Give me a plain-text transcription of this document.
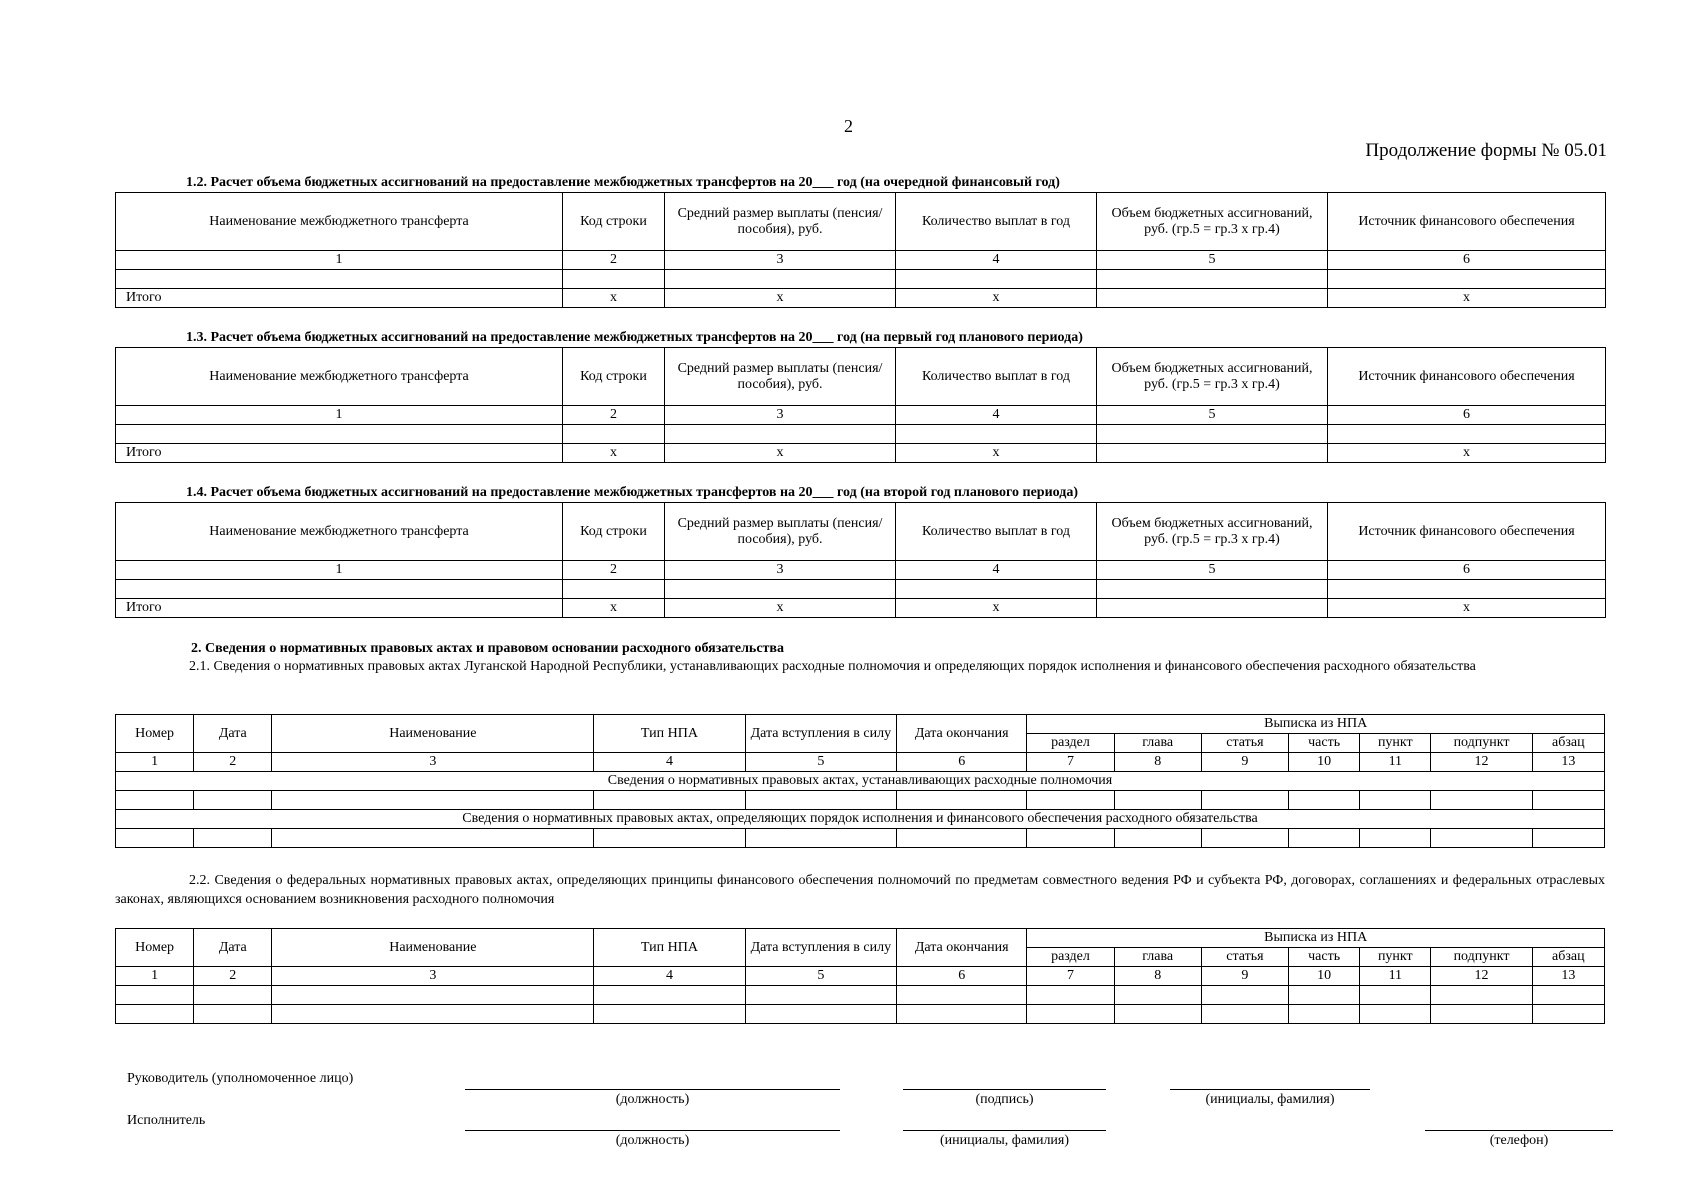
2
Продолжение формы № 05.01
1.2. Расчет объема бюджетных ассигнований на предоставление межбюджетных трансфертов на 20___ год (на очередной финансовый год)
Наименование межбюджетного трансферта	Код строки	Средний размер выплаты (пенсия/пособия), руб.	Количество выплат в год	Объем бюджетных ассигнований, руб. (гр.5 = гр.3 х гр.4)	Источник финансового обеспечения
1	2	3	4	5	6

Итого	х	х	х		х
1.3. Расчет объема бюджетных ассигнований на предоставление межбюджетных трансфертов на 20___ год (на первый год планового периода)
Наименование межбюджетного трансферта	Код строки	Средний размер выплаты (пенсия/пособия), руб.	Количество выплат в год	Объем бюджетных ассигнований, руб. (гр.5 = гр.3 х гр.4)	Источник финансового обеспечения
1	2	3	4	5	6

Итого	х	х	х		х
1.4. Расчет объема бюджетных ассигнований на предоставление межбюджетных трансфертов на 20___ год (на второй год планового периода)
Наименование межбюджетного трансферта	Код строки	Средний размер выплаты (пенсия/пособия), руб.	Количество выплат в год	Объем бюджетных ассигнований, руб. (гр.5 = гр.3 х гр.4)	Источник финансового обеспечения
1	2	3	4	5	6

Итого	х	х	х		х
2. Сведения о нормативных правовых актах и правовом основании расходного обязательства
2.1. Сведения о нормативных правовых актах Луганской Народной Республики, устанавливающих расходные полномочия и определяющих порядок исполнения и финансового обеспечения расходного обязательства
Номер	Дата	Наименование	Тип НПА	Дата вступления в силу	Дата окончания	Выписка из НПА						
						раздел	глава	статья	часть	пункт	подпункт	абзац
1	2	3	4	5	6	7	8	9	10	11	12	13
Сведения о нормативных правовых актах, устанавливающих расходные полномочия												

Сведения о нормативных правовых актах, определяющих порядок исполнения и финансового обеспечения расходного обязательства												

2.2. Сведения о федеральных нормативных правовых актах, определяющих принципы финансового обеспечения полномочий по предметам совместного ведения РФ и субъекта РФ, договорах, соглашениях и федеральных отраслевых законах, являющихся основанием возникновения расходного полномочия
Номер	Дата	Наименование	Тип НПА	Дата вступления в силу	Дата окончания	Выписка из НПА						
						раздел	глава	статья	часть	пункт	подпункт	абзац
1	2	3	4	5	6	7	8	9	10	11	12	13

Руководитель (уполномоченное лицо)
(должность)	(подпись)	(инициалы, фамилия)
Исполнитель
(должность)	(инициалы, фамилия)	(телефон)
